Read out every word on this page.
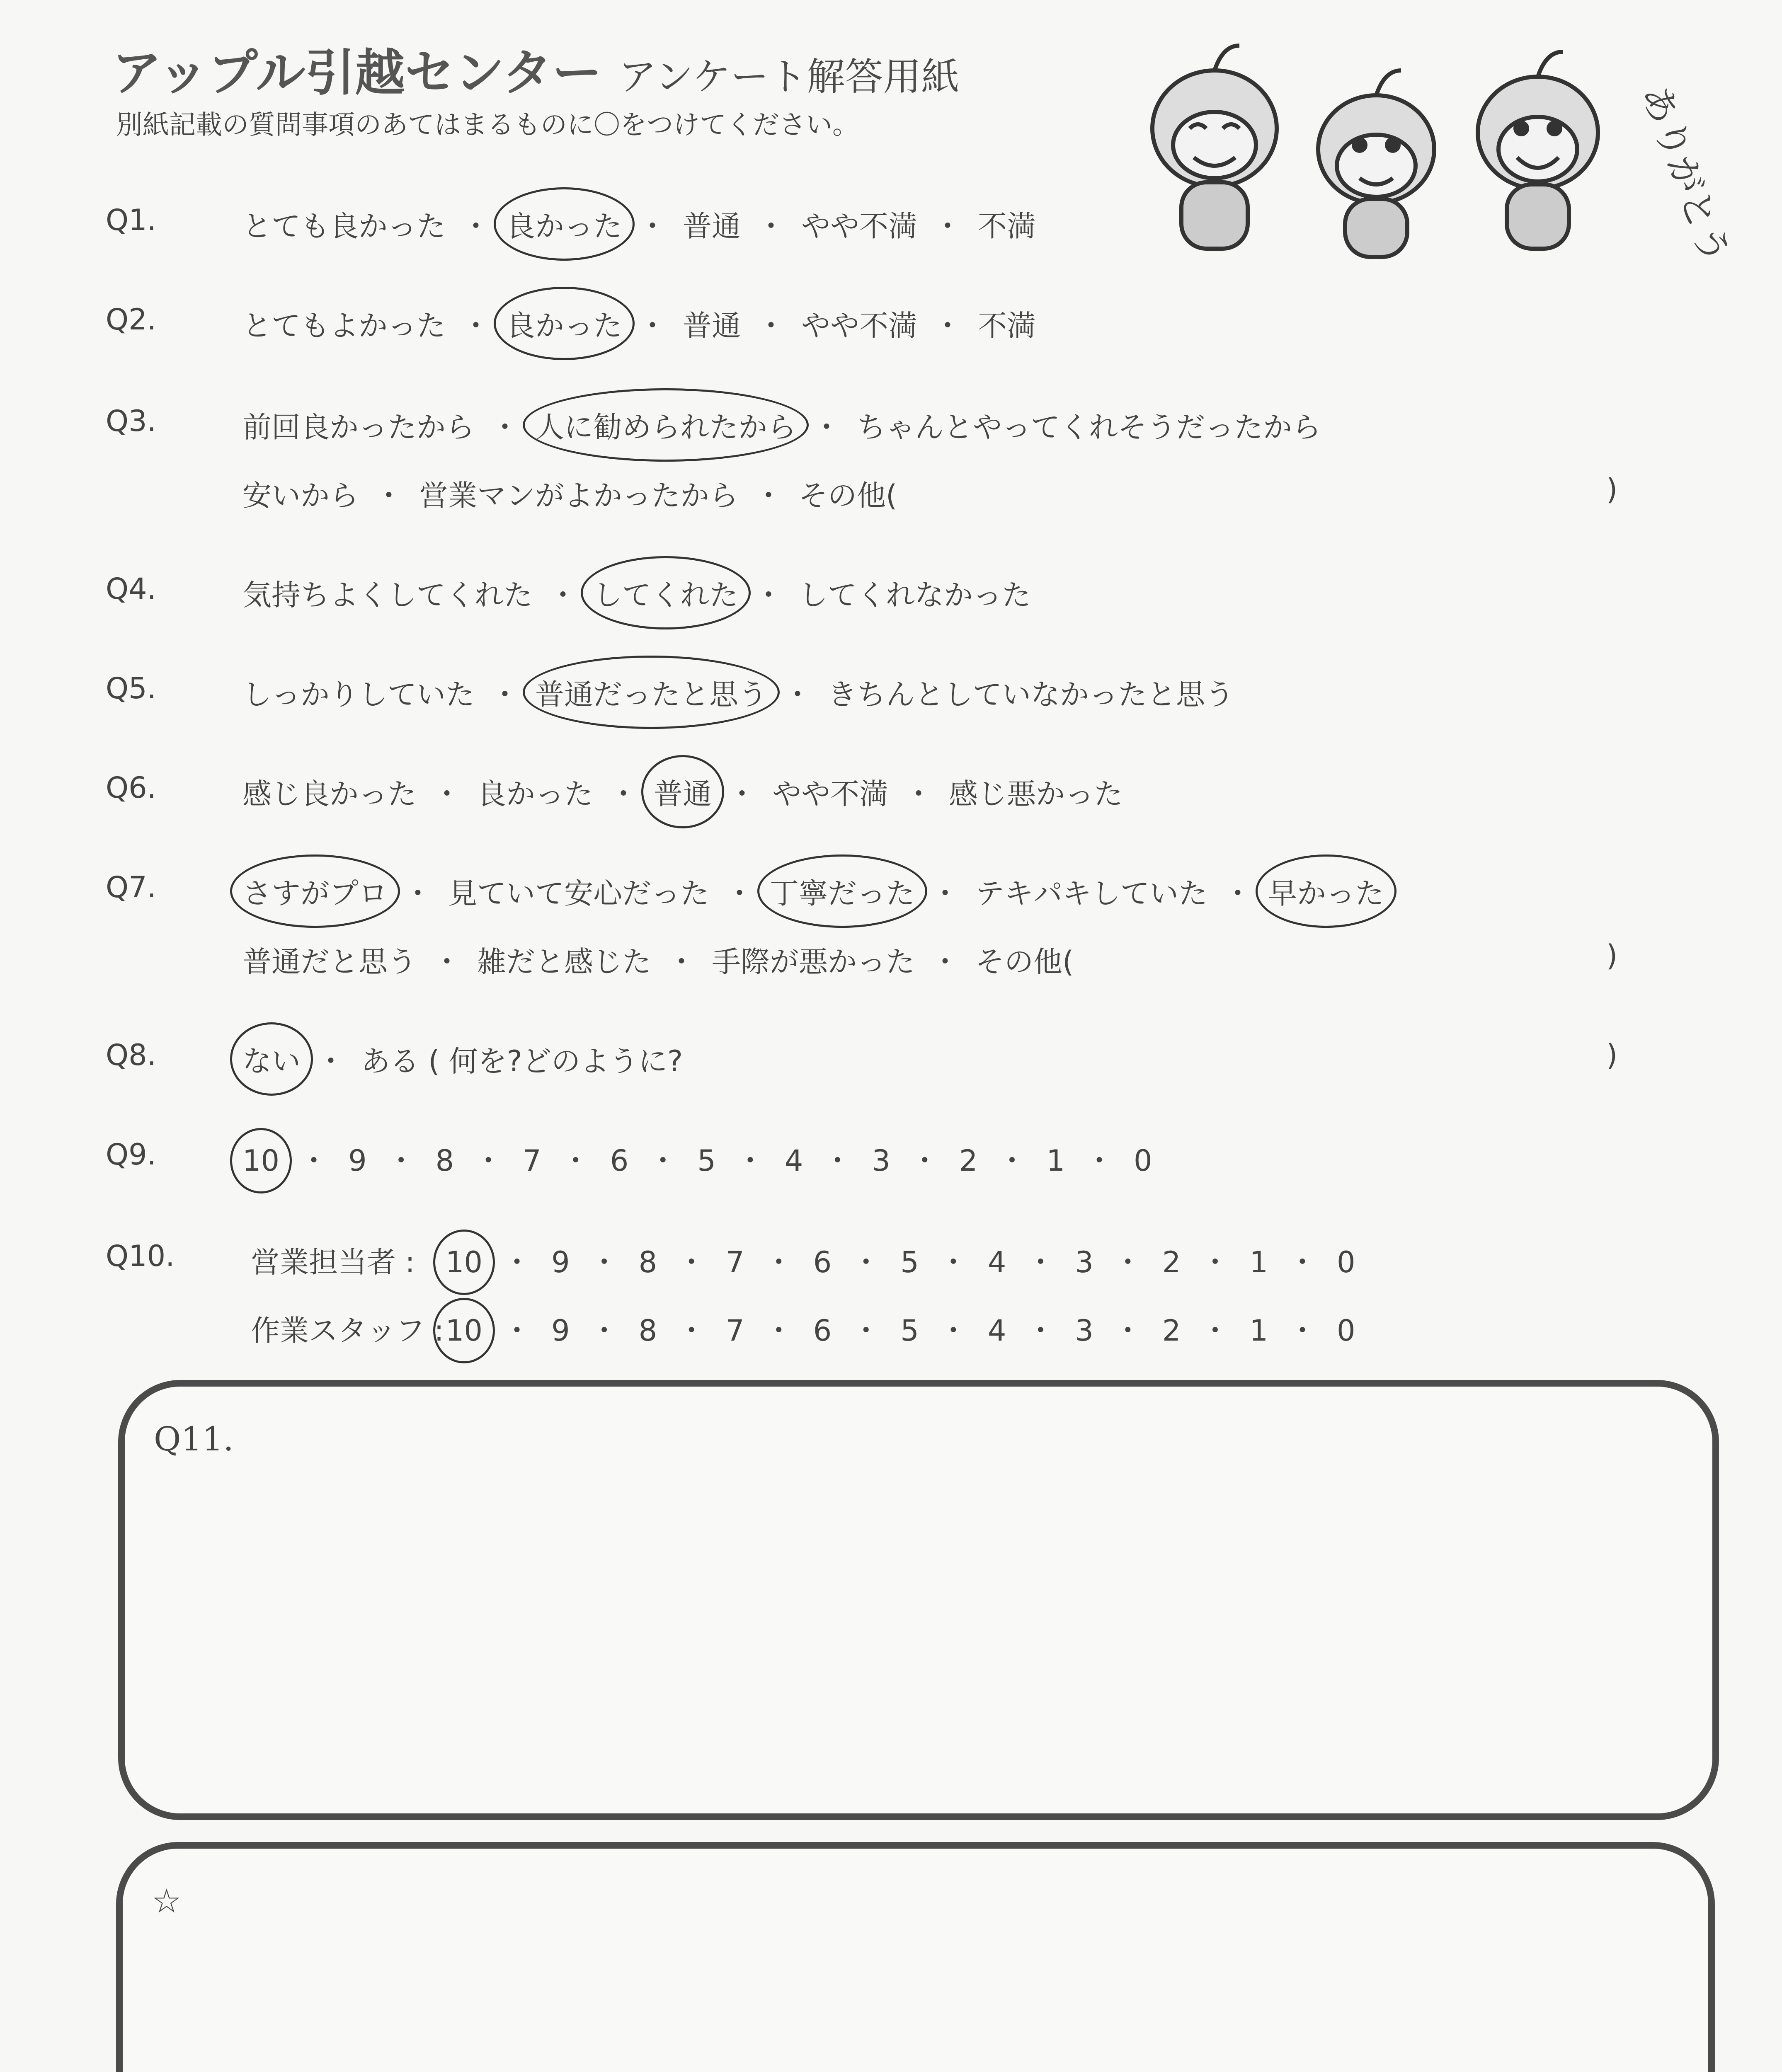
アップル引越センター アンケート解答用紙
別紙記載の質問事項のあてはまるものに〇をつけてください。	ありがとう
Q1.	とても良かった ・ 良かった ・ 普通 ・ やや不満 ・ 不満
Q2.	とてもよかった ・ 良かった ・ 普通 ・ やや不満 ・ 不満
Q3.	前回良かったから ・ 人に勧められたから ・ ちゃんとやってくれそうだったから
安いから ・ 営業マンがよかったから ・ その他(	)
Q4.	気持ちよくしてくれた ・ してくれた ・ してくれなかった
Q5.	しっかりしていた ・ 普通だったと思う ・ きちんとしていなかったと思う
Q6.	感じ良かった ・ 良かった ・ 普通 ・ やや不満 ・ 感じ悪かった
Q7.	さすがプロ ・ 見ていて安心だった ・ 丁寧だった ・ テキパキしていた ・ 早かった
普通だと思う ・ 雑だと感じた ・ 手際が悪かった ・ その他(	)
Q8.	ない ・ ある ( 何を?どのように?	)
Q9.	10 ・ 9 ・ 8 ・ 7 ・ 6 ・ 5 ・ 4 ・ 3 ・ 2 ・ 1 ・ 0
Q10.	営業担当者 : 10 ・ 9 ・ 8 ・ 7 ・ 6 ・ 5 ・ 4 ・ 3 ・ 2 ・ 1 ・ 0
作業スタッフ :10 ・ 9 ・ 8 ・ 7 ・ 6 ・ 5 ・ 4 ・ 3 ・ 2 ・ 1 ・ 0
Q11.
☆
